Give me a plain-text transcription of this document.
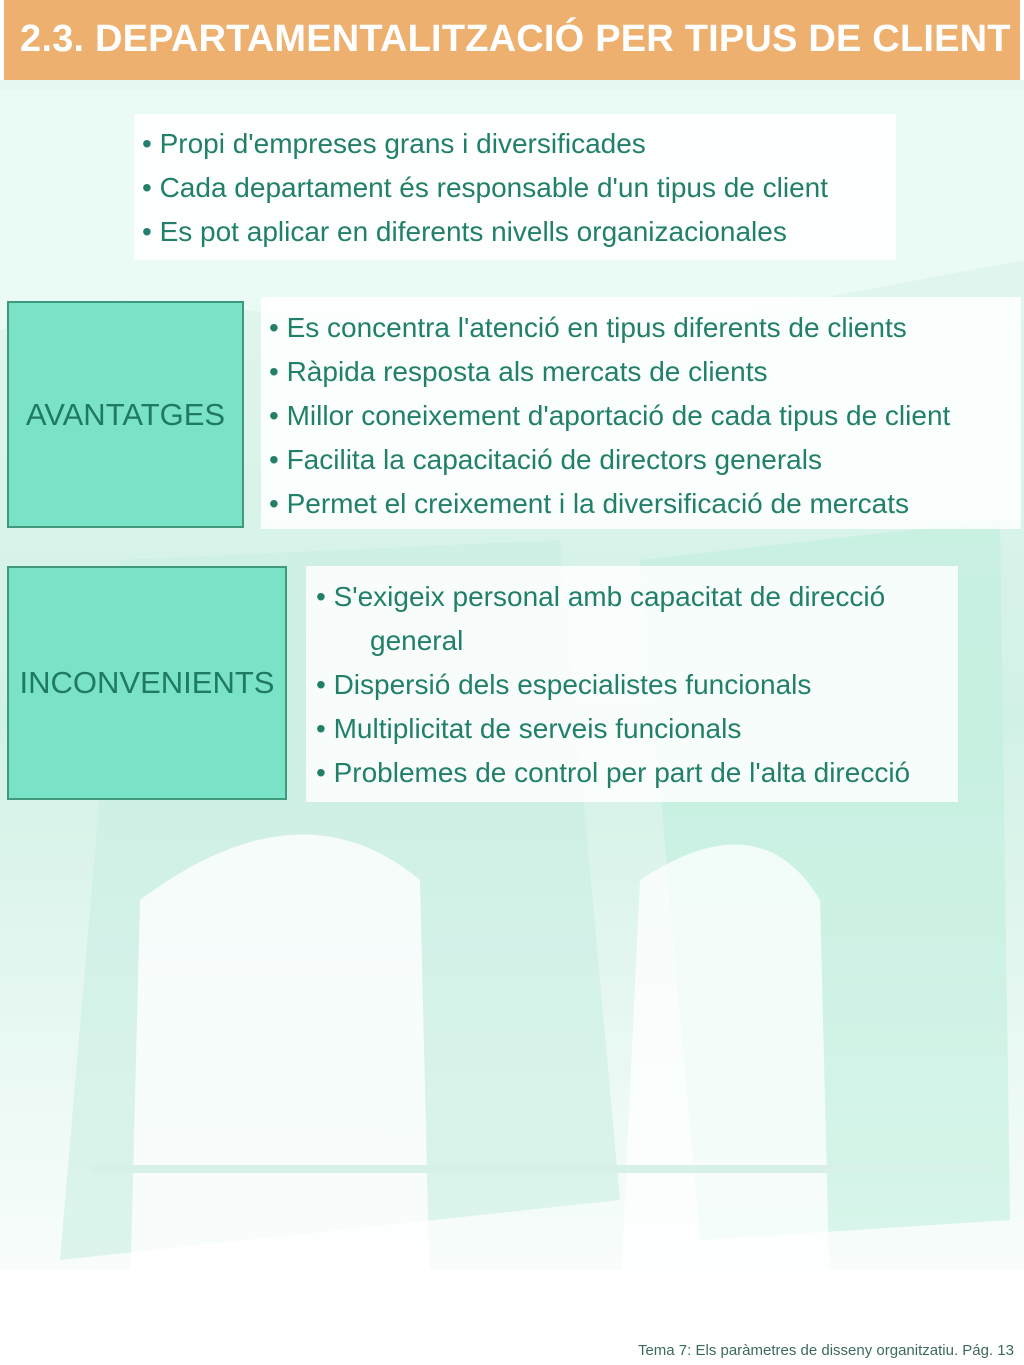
2.3. DEPARTAMENTALITZACIÓ PER TIPUS DE CLIENT
• Propi d'empreses grans i diversificades
• Cada departament és responsable d'un tipus de client
• Es pot aplicar en diferents nivells organizacionales
AVANTATGES
• Es concentra l'atenció en tipus diferents de clients
• Ràpida resposta als mercats de clients
• Millor coneixement d'aportació de cada tipus de client
• Facilita la capacitació de directors generals
• Permet el creixement i la diversificació de mercats
INCONVENIENTS
• S'exigeix personal amb capacitat de direcció
general
• Dispersió dels especialistes funcionals
• Multiplicitat de serveis funcionals
• Problemes de control per part de l'alta direcció
Tema 7: Els paràmetres de disseny organitzatiu. Pág. 13
